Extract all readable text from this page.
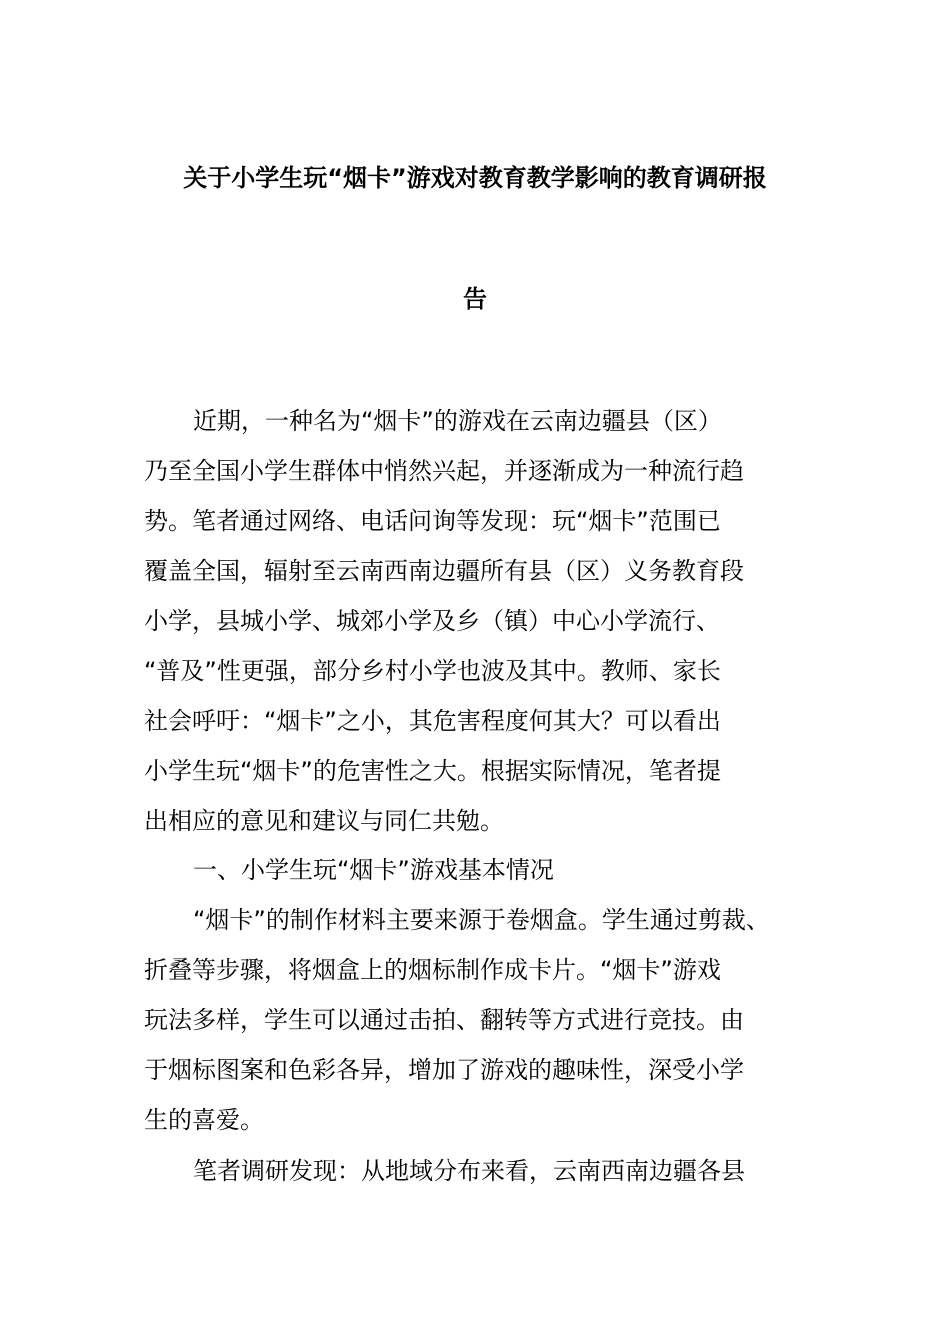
关于小学生玩“烟卡”游戏对教育教学影响的教育调研报
告
近期，一种名为“烟卡”的游戏在云南边疆县（区）
乃至全国小学生群体中悄然兴起，并逐渐成为一种流行趋
势。笔者通过网络、电话问询等发现：玩“烟卡”范围已
覆盖全国，辐射至云南西南边疆所有县（区）义务教育段
小学，县城小学、城郊小学及乡（镇）中心小学流行、
“普及”性更强，部分乡村小学也波及其中。教师、家长
社会呼吁：“烟卡”之小，其危害程度何其大？可以看出
小学生玩“烟卡”的危害性之大。根据实际情况，笔者提
出相应的意见和建议与同仁共勉。
一、小学生玩“烟卡”游戏基本情况
“烟卡”的制作材料主要来源于卷烟盒。学生通过剪裁、
折叠等步骤，将烟盒上的烟标制作成卡片。“烟卡”游戏
玩法多样，学生可以通过击拍、翻转等方式进行竞技。由
于烟标图案和色彩各异，增加了游戏的趣味性，深受小学
生的喜爱。
笔者调研发现：从地域分布来看，云南西南边疆各县
